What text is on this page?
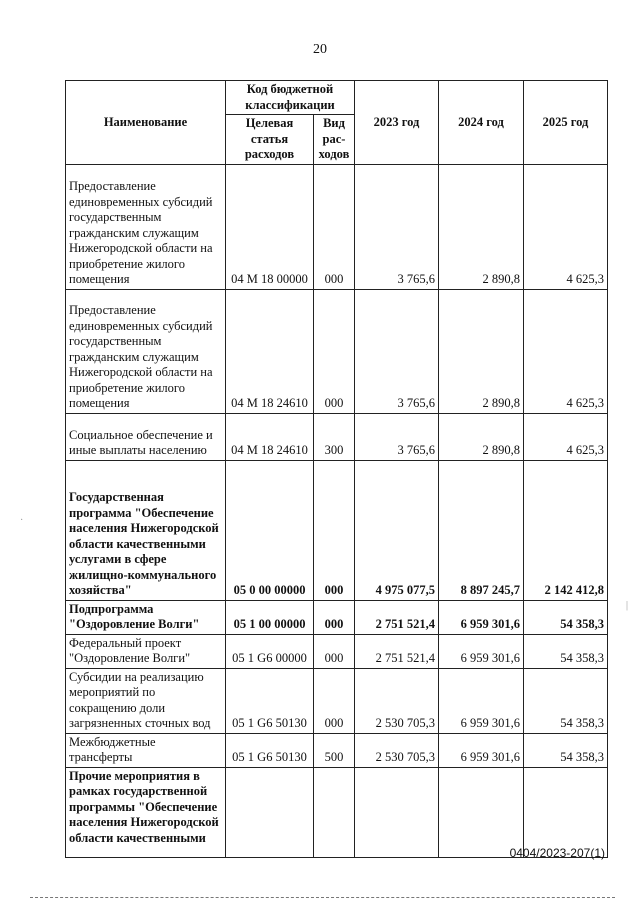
20
Наименование	Код бюджетной классификации		2023 год	2024 год	2025 год
	Целевая статья расходов	Вид рас-ходов			
Предоставление единовременных субсидий государственным гражданским служащим Нижегородской области на приобретение жилого помещения	04 М 18 00000	000	3 765,6	2 890,8	4 625,3
Предоставление единовременных субсидий государственным гражданским служащим Нижегородской области на приобретение жилого помещения	04 М 18 24610	000	3 765,6	2 890,8	4 625,3
Социальное обеспечение и иные выплаты населению	04 М 18 24610	300	3 765,6	2 890,8	4 625,3
Государственная программа "Обеспечение населения Нижегородской области качественными услугами в сфере жилищно-коммунального хозяйства"	05 0 00 00000	000	4 975 077,5	8 897 245,7	2 142 412,8
Подпрограмма "Оздоровление Волги"	05 1 00 00000	000	2 751 521,4	6 959 301,6	54 358,3
Федеральный проект "Оздоровление Волги"	05 1 G6 00000	000	2 751 521,4	6 959 301,6	54 358,3
Субсидии на реализацию мероприятий по сокращению доли загрязненных сточных вод	05 1 G6 50130	000	2 530 705,3	6 959 301,6	54 358,3
Межбюджетные трансферты	05 1 G6 50130	500	2 530 705,3	6 959 301,6	54 358,3
Прочие мероприятия в рамках государственной программы "Обеспечение населения Нижегородской области качественными					
0404/2023-207(1)
·
|
